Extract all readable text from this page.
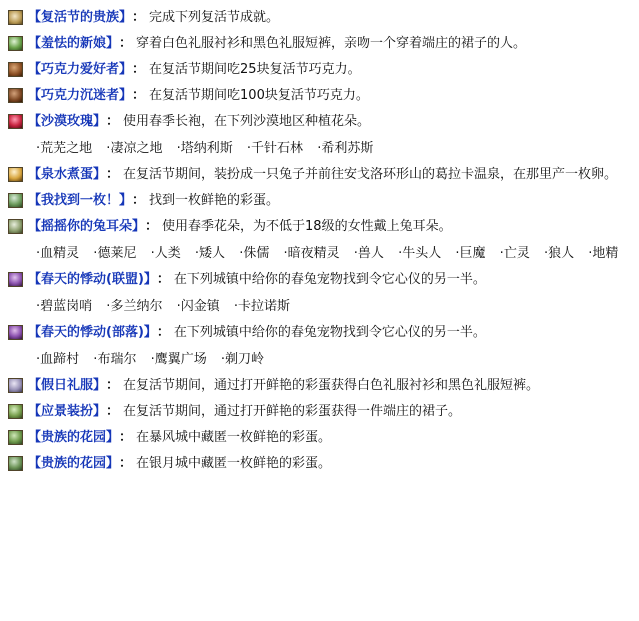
【复活节的贵族】 ： 完成下列复活节成就。
【羞怯的新娘】 ： 穿着白色礼服衬衫和黑色礼服短裤，亲吻一个穿着端庄的裙子的人。
【巧克力爱好者】 ： 在复活节期间吃25块复活节巧克力。
【巧克力沉迷者】 ： 在复活节期间吃100块复活节巧克力。
【沙漠玫瑰】 ： 使用春季长袍，在下列沙漠地区种植花朵。
·荒芜之地 ·凄凉之地 ·塔纳利斯 ·千针石林 ·希利苏斯
【泉水煮蛋】 ： 在复活节期间，装扮成一只兔子并前往安戈洛环形山的葛拉卡温泉，在那里产一枚卵。
【我找到一枚！】 ： 找到一枚鲜艳的彩蛋。
【摇摇你的兔耳朵】 ： 使用春季花朵，为不低于18级的女性戴上兔耳朵。
·血精灵 ·德莱尼 ·人类 ·矮人 ·侏儒 ·暗夜精灵 ·兽人 ·牛头人 ·巨魔 ·亡灵 ·狼人 ·地精
【春天的悸动(联盟)】 ： 在下列城镇中给你的春兔宠物找到令它心仪的另一半。
·碧蓝岗哨 ·多兰纳尔 ·闪金镇 ·卡拉诺斯
【春天的悸动(部落)】 ： 在下列城镇中给你的春兔宠物找到令它心仪的另一半。
·血蹄村 ·布瑞尔 ·鹰翼广场 ·剃刀岭
【假日礼服】 ： 在复活节期间，通过打开鲜艳的彩蛋获得白色礼服衬衫和黑色礼服短裤。
【应景装扮】 ： 在复活节期间，通过打开鲜艳的彩蛋获得一件端庄的裙子。
【贵族的花园】 ： 在暴风城中藏匿一枚鲜艳的彩蛋。
【贵族的花园】 ： 在银月城中藏匿一枚鲜艳的彩蛋。
